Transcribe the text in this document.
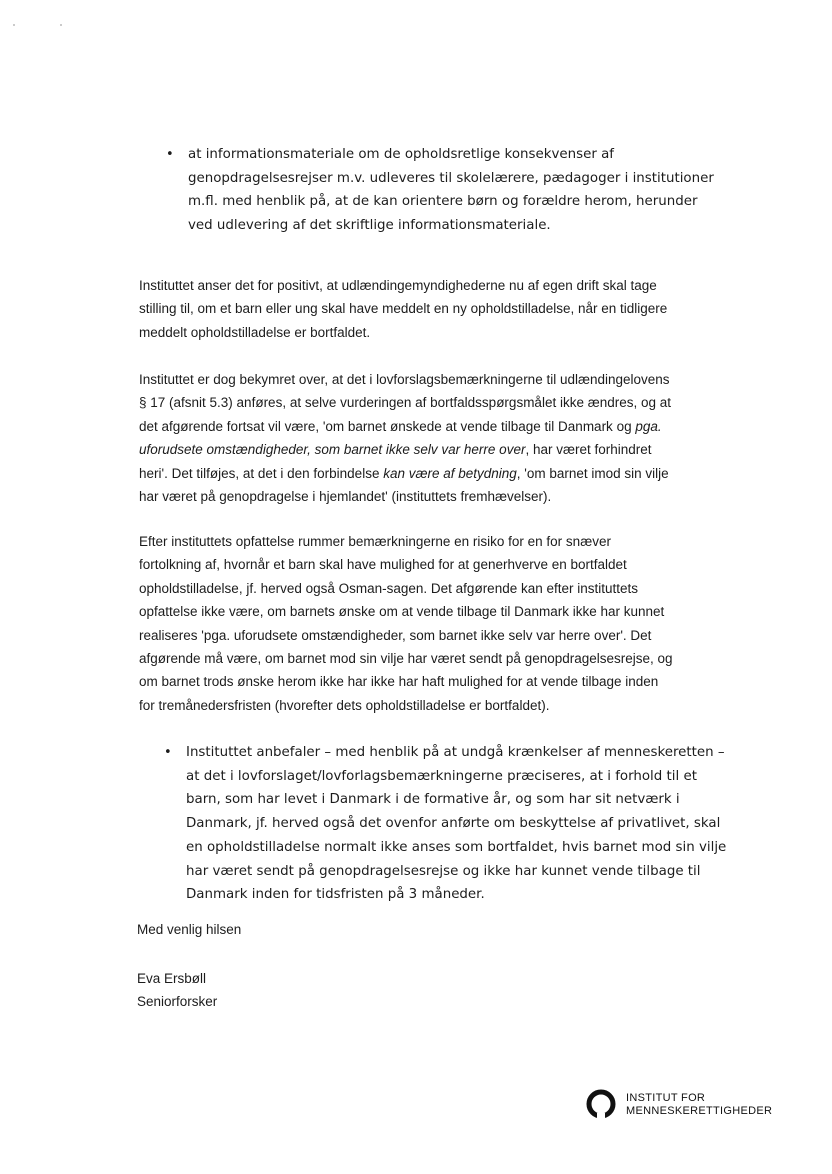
• at informationsmateriale om de opholdsretlige konsekvenser af
genopdragelsesrejser m.v. udleveres til skolelærere, pædagoger i institutioner
m.fl. med henblik på, at de kan orientere børn og forældre herom, herunder
ved udlevering af det skriftlige informationsmateriale.
Instituttet anser det for positivt, at udlændingemyndighederne nu af egen drift skal tage
stilling til, om et barn eller ung skal have meddelt en ny opholdstilladelse, når en tidligere
meddelt opholdstilladelse er bortfaldet.
Instituttet er dog bekymret over, at det i lovforslagsbemærkningerne til udlændingelovens
§ 17 (afsnit 5.3) anføres, at selve vurderingen af bortfaldsspørgsmålet ikke ændres, og at
det afgørende fortsat vil være, 'om barnet ønskede at vende tilbage til Danmark og pga.
uforudsete omstændigheder, som barnet ikke selv var herre over, har været forhindret
heri'. Det tilføjes, at det i den forbindelse kan være af betydning, 'om barnet imod sin vilje
har været på genopdragelse i hjemlandet' (instituttets fremhævelser).
Efter instituttets opfattelse rummer bemærkningerne en risiko for en for snæver
fortolkning af, hvornår et barn skal have mulighed for at generhverve en bortfaldet
opholdstilladelse, jf. herved også Osman-sagen. Det afgørende kan efter instituttets
opfattelse ikke være, om barnets ønske om at vende tilbage til Danmark ikke har kunnet
realiseres 'pga. uforudsete omstændigheder, som barnet ikke selv var herre over'. Det
afgørende må være, om barnet mod sin vilje har været sendt på genopdragelsesrejse, og
om barnet trods ønske herom ikke har ikke har haft mulighed for at vende tilbage inden
for tremånedersfristen (hvorefter dets opholdstilladelse er bortfaldet).
• Instituttet anbefaler – med henblik på at undgå krænkelser af menneskeretten –
at det i lovforslaget/lovforlagsbemærkningerne præciseres, at i forhold til et
barn, som har levet i Danmark i de formative år, og som har sit netværk i
Danmark, jf. herved også det ovenfor anførte om beskyttelse af privatlivet, skal
en opholdstilladelse normalt ikke anses som bortfaldet, hvis barnet mod sin vilje
har været sendt på genopdragelsesrejse og ikke har kunnet vende tilbage til
Danmark inden for tidsfristen på 3 måneder.
Med venlig hilsen
Eva Ersbøll
Seniorforsker
INSTITUT FOR
MENNESKERETTIGHEDER
